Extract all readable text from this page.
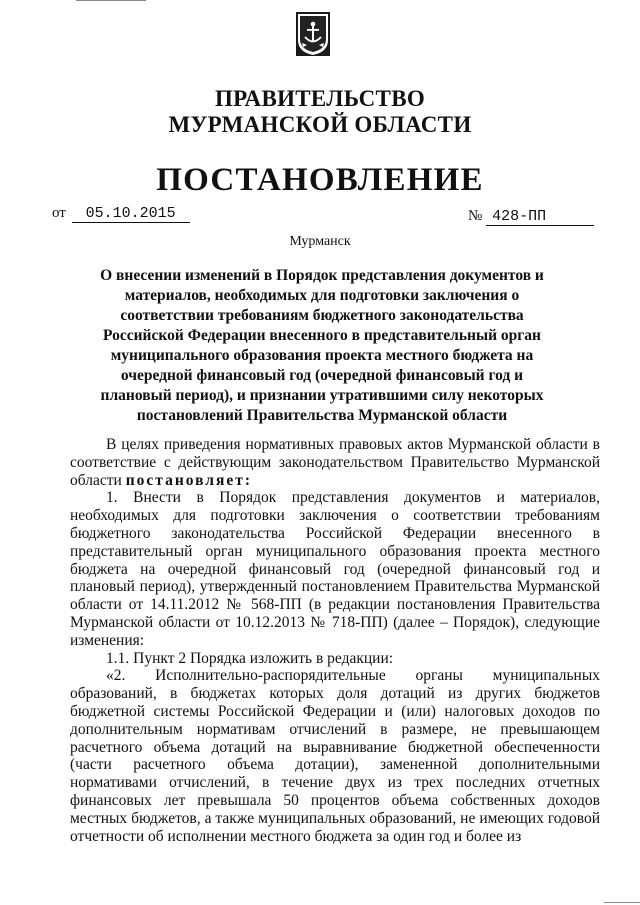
ПРАВИТЕЛЬСТВО
МУРМАНСКОЙ ОБЛАСТИ
ПОСТАНОВЛЕНИЕ
от 05.10.2015	№ 428-ПП
Мурманск
О внесении изменений в Порядок представления документов и материалов, необходимых для подготовки заключения о соответствии требованиям бюджетного законодательства Российской Федерации внесенного в представительный орган муниципального образования проекта местного бюджета на очередной финансовый год (очередной финансовый год и плановый период), и признании утратившими силу некоторых постановлений Правительства Мурманской области

В целях приведения нормативных правовых актов Мурманской области в соответствие с действующим законодательством Правительство Мурманской области постановляет:

1. Внести в Порядок представления документов и материалов, необходимых для подготовки заключения о соответствии требованиям бюджетного законодательства Российской Федерации внесенного в представительный орган муниципального образования проекта местного бюджета на очередной финансовый год (очередной финансовый год и плановый период), утвержденный постановлением Правительства Мурманской области от 14.11.2012 № 568-ПП (в редакции постановления Правительства Мурманской области от 10.12.2013 № 718-ПП) (далее – Порядок), следующие изменения:

1.1. Пункт 2 Порядка изложить в редакции:

«2. Исполнительно-распорядительные органы муниципальных образований, в бюджетах которых доля дотаций из других бюджетов бюджетной системы Российской Федерации и (или) налоговых доходов по дополнительным нормативам отчислений в размере, не превышающем расчетного объема дотаций на выравнивание бюджетной обеспеченности (части расчетного объема дотации), замененной дополнительными нормативами отчислений, в течение двух из трех последних отчетных финансовых лет превышала 50 процентов объема собственных доходов местных бюджетов, а также муниципальных образований, не имеющих годовой отчетности об исполнении местного бюджета за один год и более из
